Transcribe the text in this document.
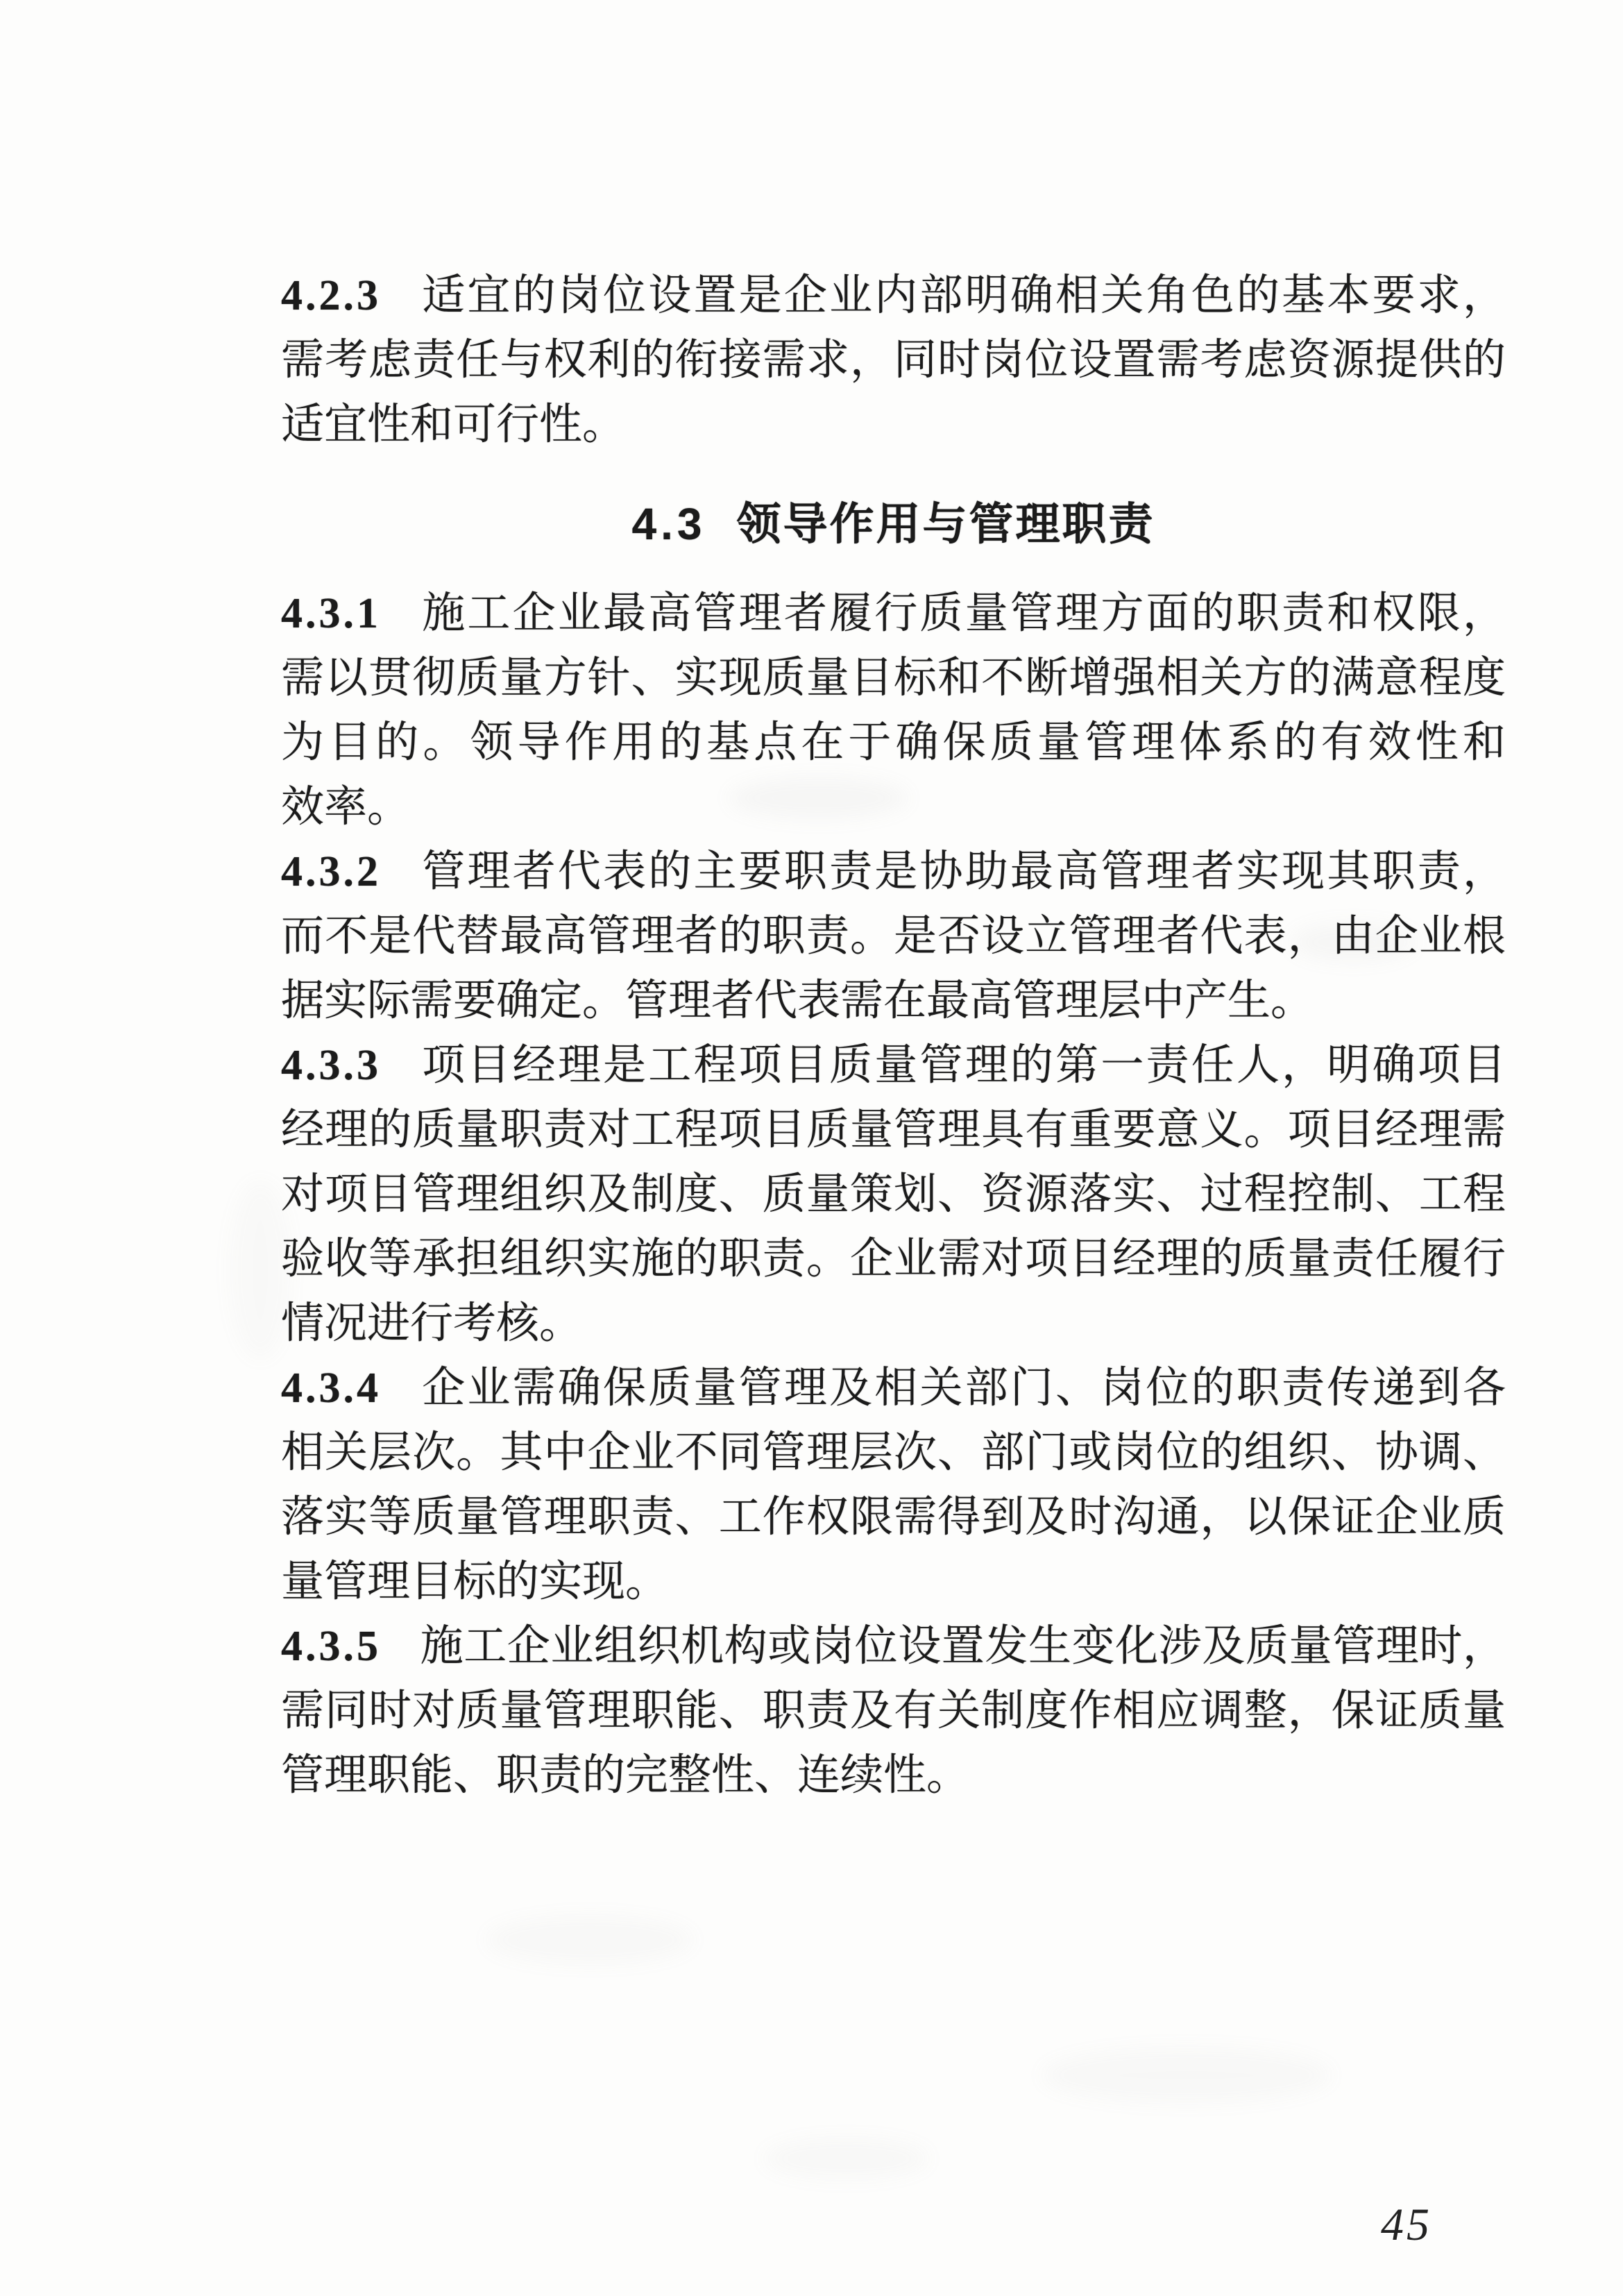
4.2.3 适宜的岗位设置是企业内部明确相关角色的基本要求，
需考虑责任与权利的衔接需求，同时岗位设置需考虑资源提供的
适宜性和可行性。

4.3 领导作用与管理职责

4.3.1 施工企业最高管理者履行质量管理方面的职责和权限，
需以贯彻质量方针、实现质量目标和不断增强相关方的满意程度
为目的。领导作用的基点在于确保质量管理体系的有效性和
效率。

4.3.2 管理者代表的主要职责是协助最高管理者实现其职责，
而不是代替最高管理者的职责。是否设立管理者代表，由企业根
据实际需要确定。管理者代表需在最高管理层中产生。

4.3.3 项目经理是工程项目质量管理的第一责任人，明确项目
经理的质量职责对工程项目质量管理具有重要意义。项目经理需
对项目管理组织及制度、质量策划、资源落实、过程控制、工程
验收等承担组织实施的职责。企业需对项目经理的质量责任履行
情况进行考核。

4.3.4 企业需确保质量管理及相关部门、岗位的职责传递到各
相关层次。其中企业不同管理层次、部门或岗位的组织、协调、
落实等质量管理职责、工作权限需得到及时沟通，以保证企业质
量管理目标的实现。

4.3.5 施工企业组织机构或岗位设置发生变化涉及质量管理时，
需同时对质量管理职能、职责及有关制度作相应调整，保证质量
管理职能、职责的完整性、连续性。

45
